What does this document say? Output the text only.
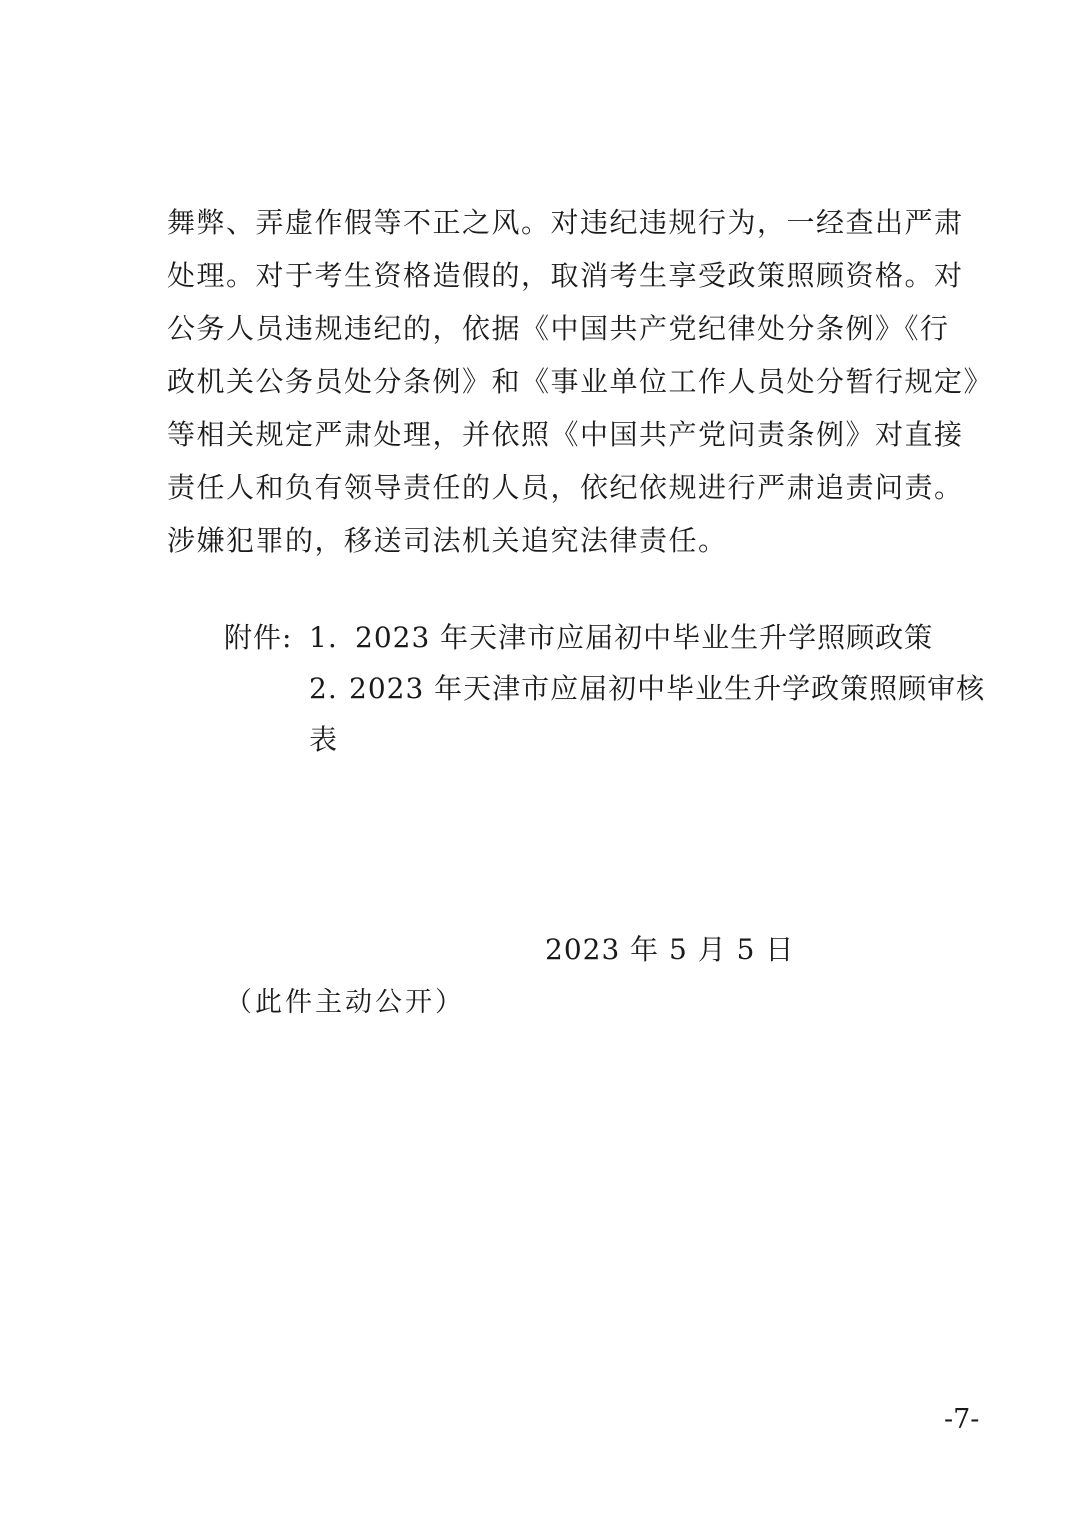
舞弊、弄虚作假等不正之风。对违纪违规行为，一经查出严肃
处理。对于考生资格造假的，取消考生享受政策照顾资格。对
公务人员违规违纪的，依据《中国共产党纪律处分条例》《行
政机关公务员处分条例》和《事业单位工作人员处分暂行规定》
等相关规定严肃处理，并依照《中国共产党问责条例》对直接
责任人和负有领导责任的人员，依纪依规进行严肃追责问责。
涉嫌犯罪的，移送司法机关追究法律责任。
附件: 1. 2023 年天津市应届初中毕业生升学照顾政策
2. 2023 年天津市应届初中毕业生升学政策照顾审核
表
2023 年 5 月 5 日
（此件主动公开）
-7-
